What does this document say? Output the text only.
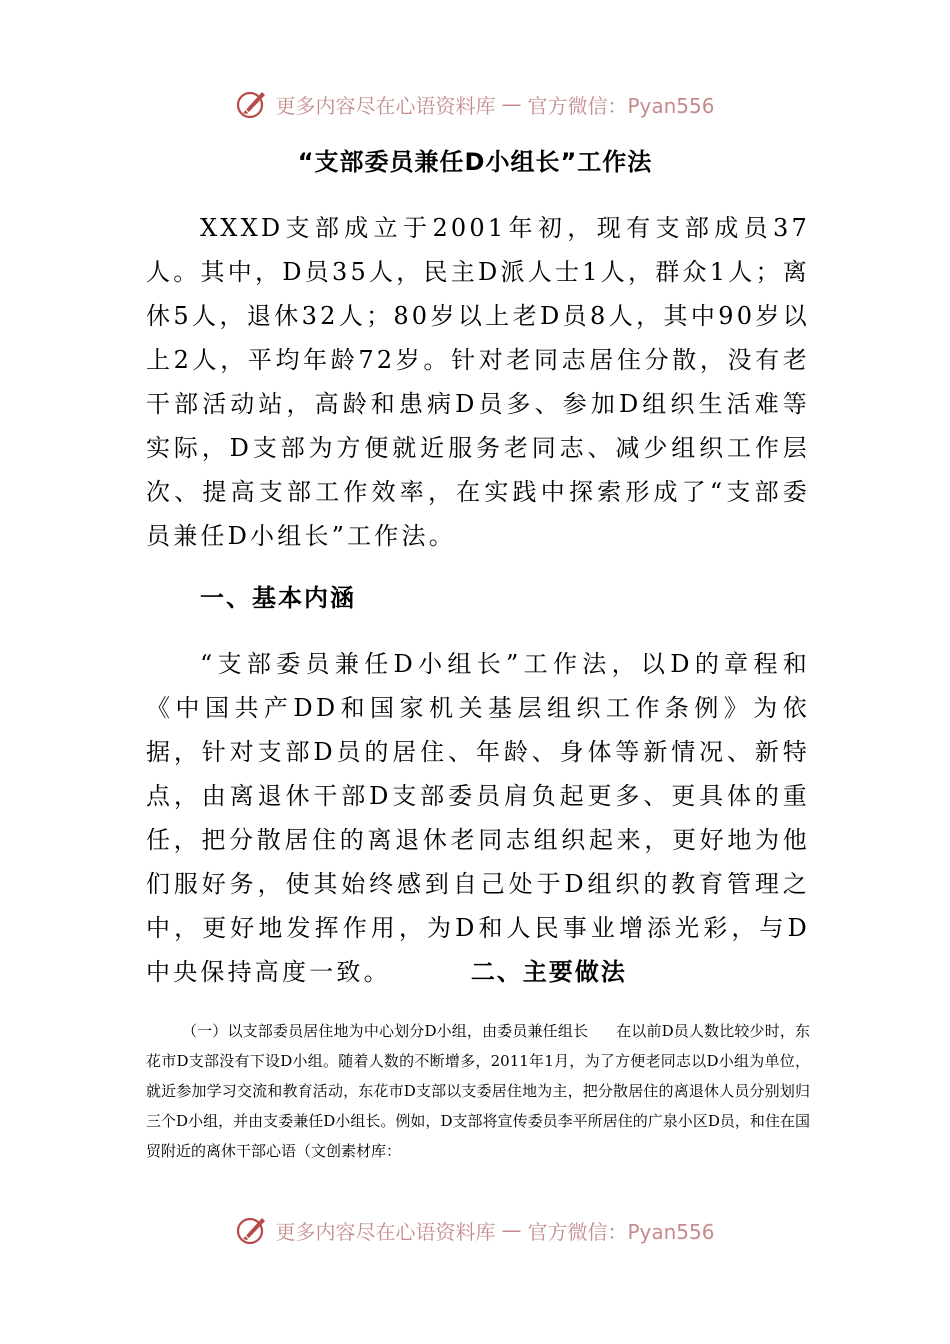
更多内容尽在心语资料库 — 官方微信：Pyan556
“支部委员兼任D小组长”工作法
XXXD支部成立于2001年初，现有支部成员37人。其中，D员35人，民主D派人士1人，群众1人；离休5人，退休32人；80岁以上老D员8人，其中90岁以上2人，平均年龄72岁。针对老同志居住分散，没有老干部活动站，高龄和患病D员多、参加D组织生活难等实际，D支部为方便就近服务老同志、减少组织工作层次、提高支部工作效率，在实践中探索形成了“支部委员兼任D小组长”工作法。
一、基本内涵
“支部委员兼任D小组长”工作法，以D的章程和《中国共产DD和国家机关基层组织工作条例》为依据，针对支部D员的居住、年龄、身体等新情况、新特点，由离退休干部D支部委员肩负起更多、更具体的重任，把分散居住的离退休老同志组织起来，更好地为他们服好务，使其始终感到自己处于D组织的教育管理之中，更好地发挥作用，为D和人民事业增添光彩，与D中央保持高度一致。	二、主要做法
（一）以支部委员居住地为中心划分D小组，由委员兼任组长 在以前D员人数比较少时，东花市D支部没有下设D小组。随着人数的不断增多，2011年1月，为了方便老同志以D小组为单位，就近参加学习交流和教育活动，东花市D支部以支委居住地为主，把分散居住的离退休人员分别划归三个D小组，并由支委兼任D小组长。例如，D支部将宣传委员李平所居住的广泉小区D员，和住在国贸附近的离休干部心语（文创素材库：
更多内容尽在心语资料库 — 官方微信：Pyan556
